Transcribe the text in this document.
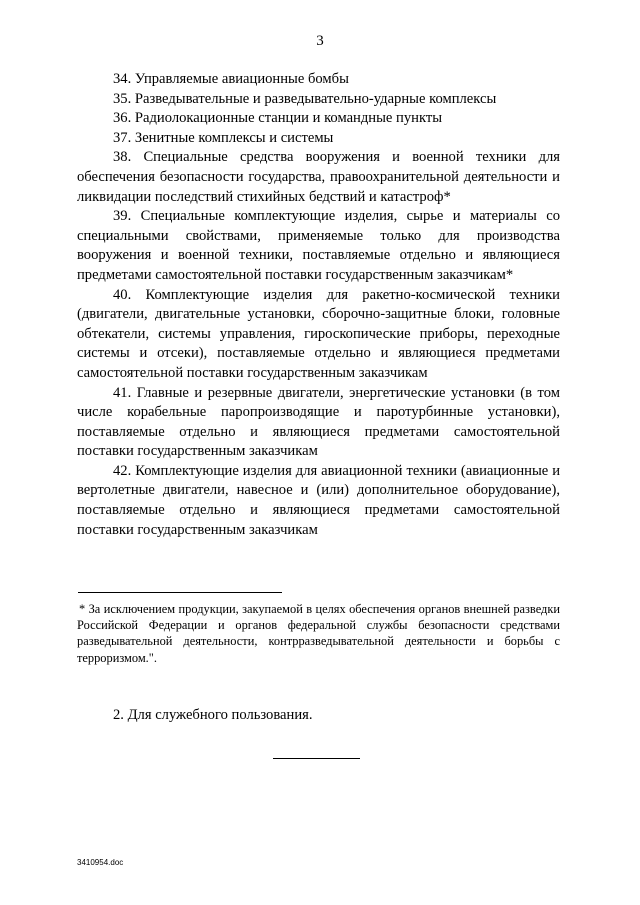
3

34. Управляемые авиационные бомбы

35. Разведывательные и разведывательно-ударные комплексы

36. Радиолокационные станции и командные пункты

37. Зенитные комплексы и системы

38. Специальные средства вооружения и военной техники для обеспечения безопасности государства, правоохранительной деятельности и ликвидации последствий стихийных бедствий и катастроф*

39. Специальные комплектующие изделия, сырье и материалы со специальными свойствами, применяемые только для производства вооружения и военной техники, поставляемые отдельно и являющиеся предметами самостоятельной поставки государственным заказчикам*

40. Комплектующие изделия для ракетно-космической техники (двигатели, двигательные установки, сборочно-защитные блоки, головные обтекатели, системы управления, гироскопические приборы, переходные системы и отсеки), поставляемые отдельно и являющиеся предметами самостоятельной поставки государственным заказчикам

41. Главные и резервные двигатели, энергетические установки (в том числе корабельные паропроизводящие и паротурбинные установки), поставляемые отдельно и являющиеся предметами самостоятельной поставки государственным заказчикам

42. Комплектующие изделия для авиационной техники (авиационные и вертолетные двигатели, навесное и (или) дополнительное оборудование), поставляемые отдельно и являющиеся предметами самостоятельной поставки государственным заказчикам

* За исключением продукции, закупаемой в целях обеспечения органов внешней разведки Российской Федерации и органов федеральной службы безопасности средствами разведывательной деятельности, контрразведывательной деятельности и борьбы с терроризмом.".

2. Для служебного пользования.

3410954.doc
